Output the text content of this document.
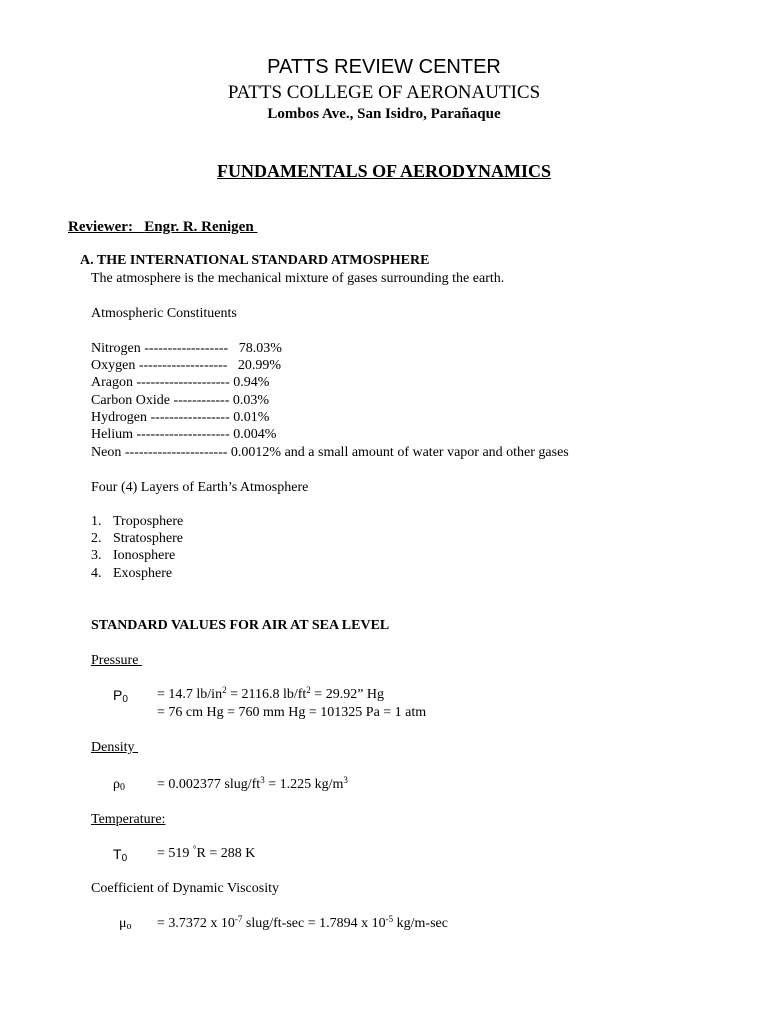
PATTS REVIEW CENTER
PATTS COLLEGE OF AERONAUTICS
Lombos Ave., San Isidro, Parañaque
FUNDAMENTALS OF AERODYNAMICS
Reviewer: Engr. R. Renigen
A. THE INTERNATIONAL STANDARD ATMOSPHERE
The atmosphere is the mechanical mixture of gases surrounding the earth.
Atmospheric Constituents
Nitrogen ------------------   78.03%
Oxygen -------------------   20.99%
Aragon -------------------- 0.94%
Carbon Oxide ------------ 0.03%
Hydrogen ----------------- 0.01%
Helium -------------------- 0.004%
Neon ---------------------- 0.0012% and a small amount of water vapor and other gases
Four (4) Layers of Earth’s Atmosphere
1. Troposphere
2. Stratosphere
3. Ionosphere
4. Exosphere
STANDARD VALUES FOR AIR AT SEA LEVEL
Pressure
$P_0 = 14.7$ $lb/in^2 = 2116.8$ $lb/ft^2 = 29.92$” Hg
= 76 cm Hg = 760 mm Hg = 101325 Pa = 1 atm
Density
$\rho_0 = 0.002377$ slug/$ft^3 = 1.225$ $kg/m^3$
Temperature:
$T_0 = 519$ °R = 288 K
Coefficient of Dynamic Viscosity
$\mu_o = 3.7372$ x $10^{-7}$ slug/ft-sec = 1.7894 x $10^{-5}$ kg/m-sec
